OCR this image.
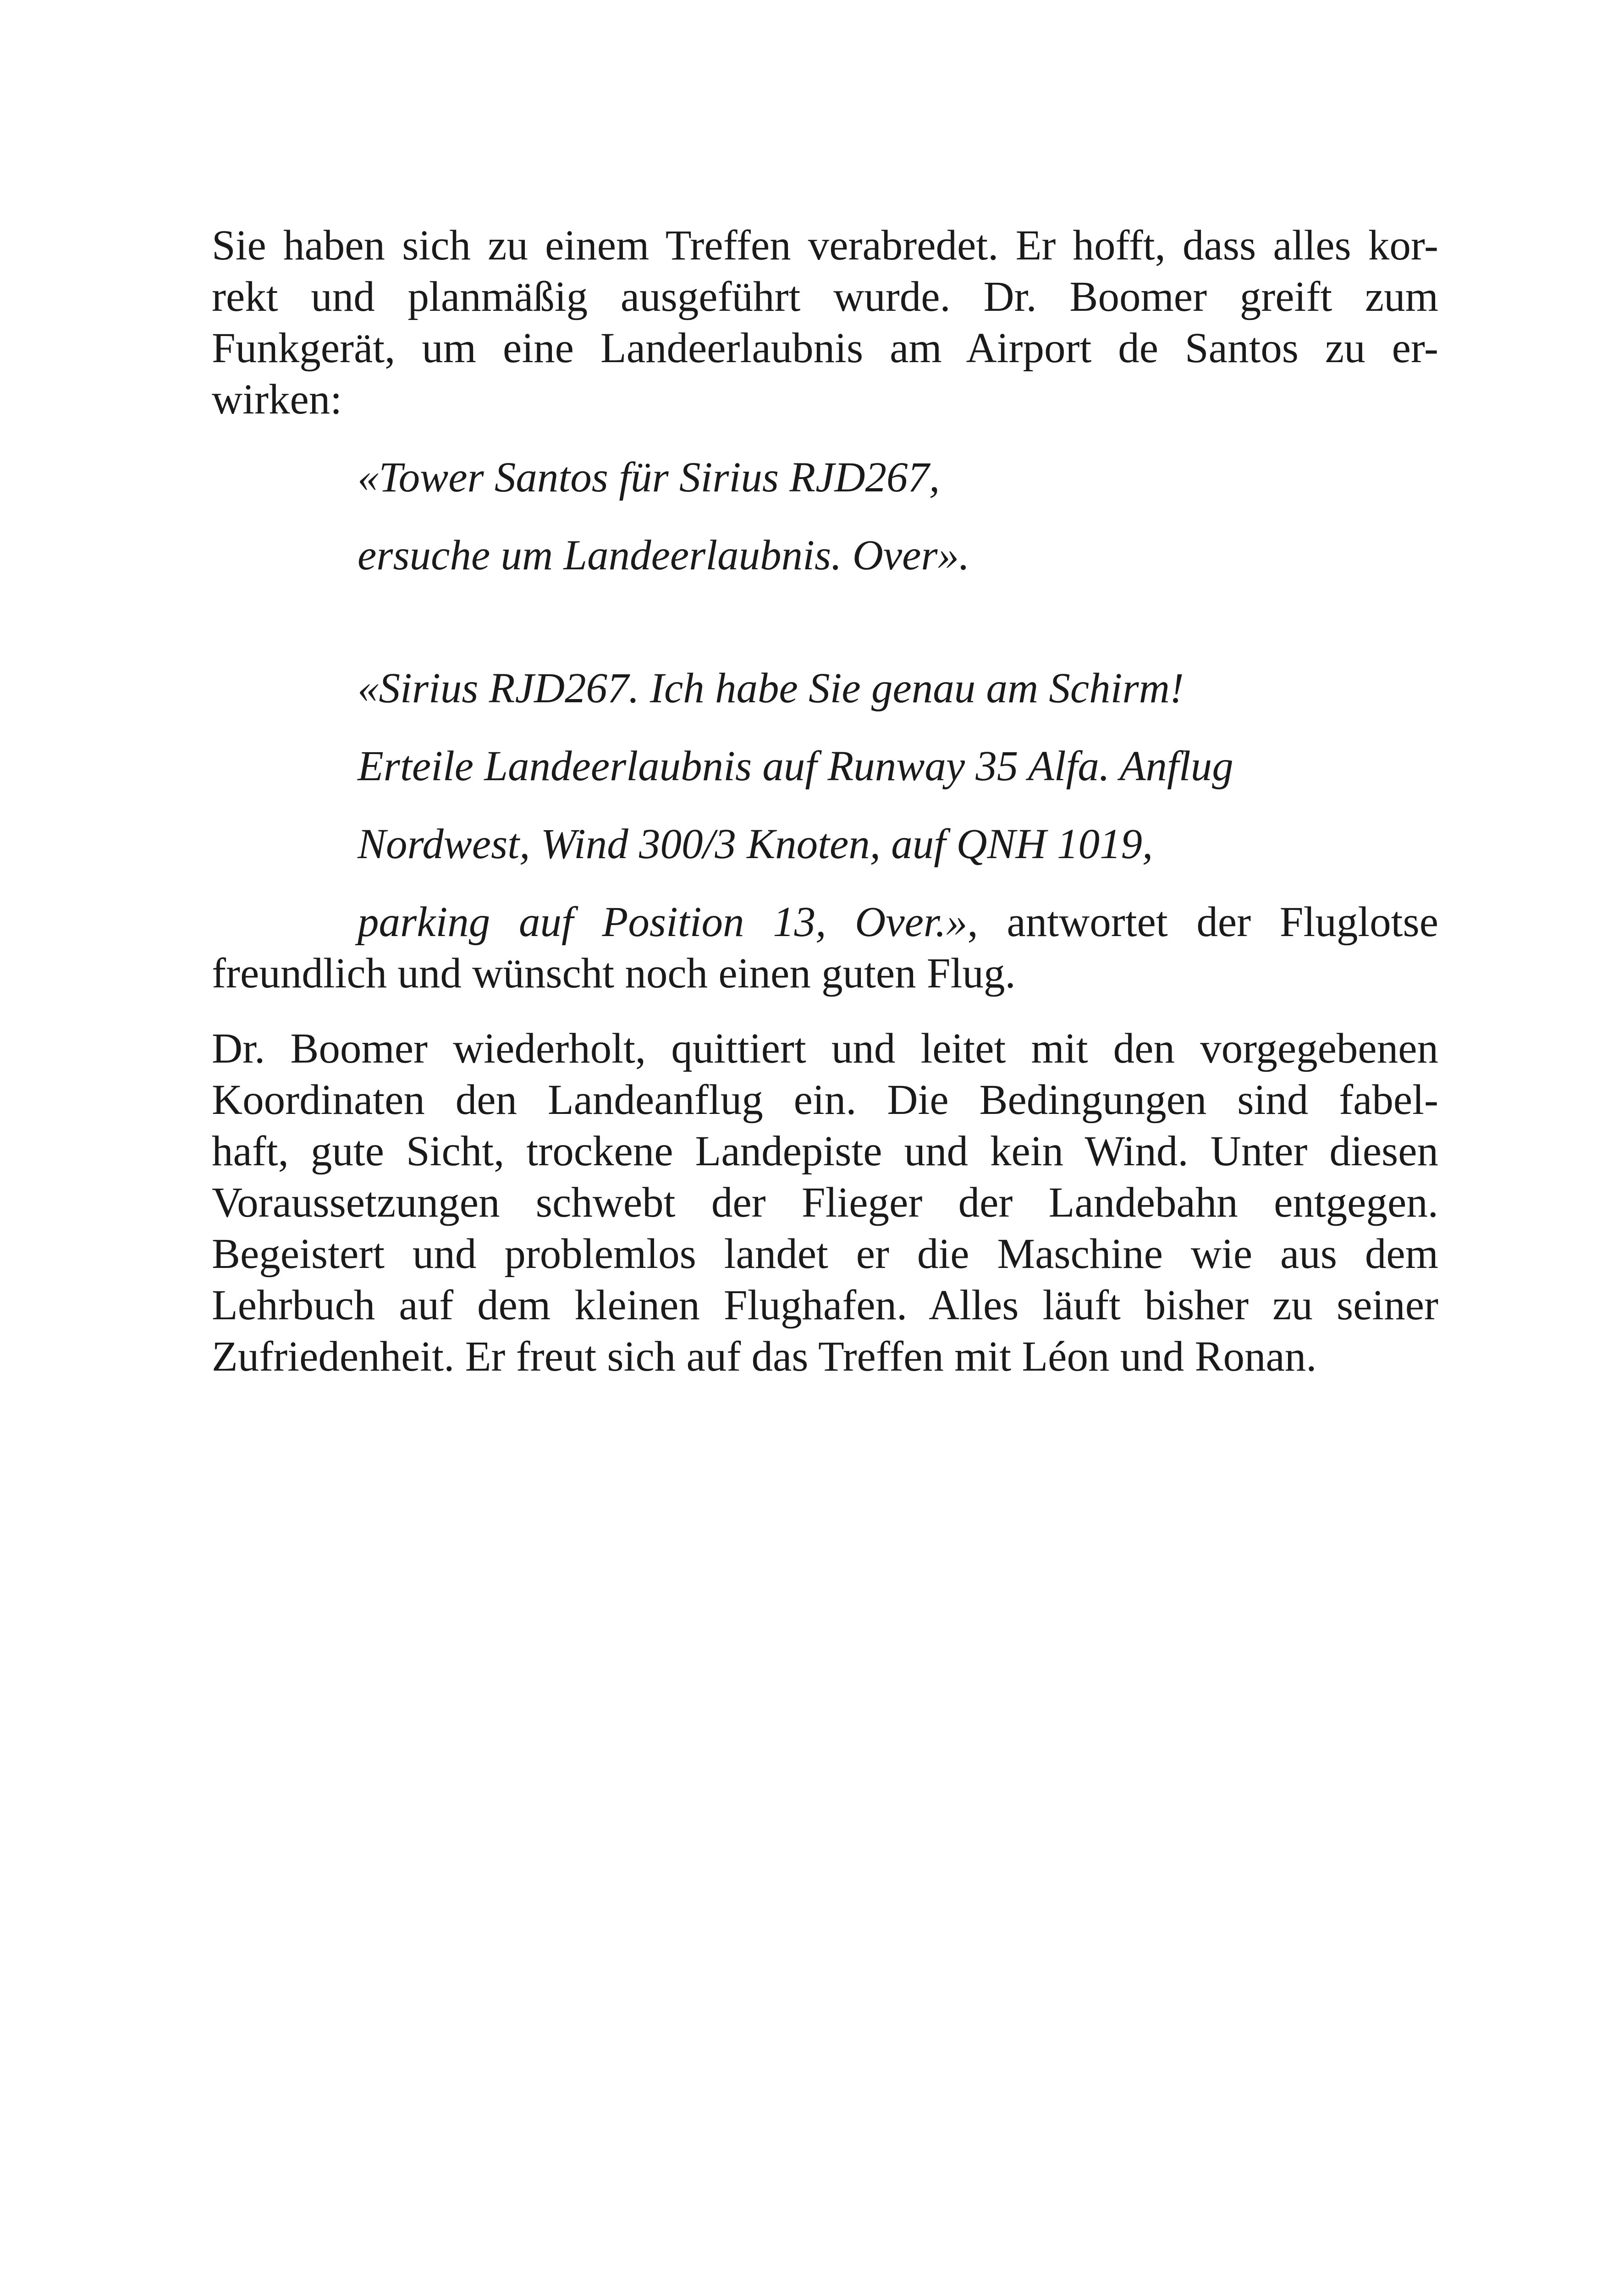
Sie haben sich zu einem Treffen verabredet. Er hofft, dass alles kor-
rekt und planmäßig ausgeführt wurde. Dr. Boomer greift zum
Funkgerät, um eine Landeerlaubnis am Airport de Santos zu er-
wirken:
«Tower Santos für Sirius RJD267,
ersuche um Landeerlaubnis. Over».
«Sirius RJD267. Ich habe Sie genau am Schirm!
Erteile Landeerlaubnis auf Runway 35 Alfa. Anflug
Nordwest, Wind 300/3 Knoten, auf QNH 1019,
parking auf Position 13, Over.», antwortet der Fluglotse
freundlich und wünscht noch einen guten Flug.
Dr. Boomer wiederholt, quittiert und leitet mit den vorgegebenen
Koordinaten den Landeanflug ein. Die Bedingungen sind fabel-
haft, gute Sicht, trockene Landepiste und kein Wind. Unter diesen
Voraussetzungen schwebt der Flieger der Landebahn entgegen.
Begeistert und problemlos landet er die Maschine wie aus dem
Lehrbuch auf dem kleinen Flughafen. Alles läuft bisher zu seiner
Zufriedenheit. Er freut sich auf das Treffen mit Léon und Ronan.
